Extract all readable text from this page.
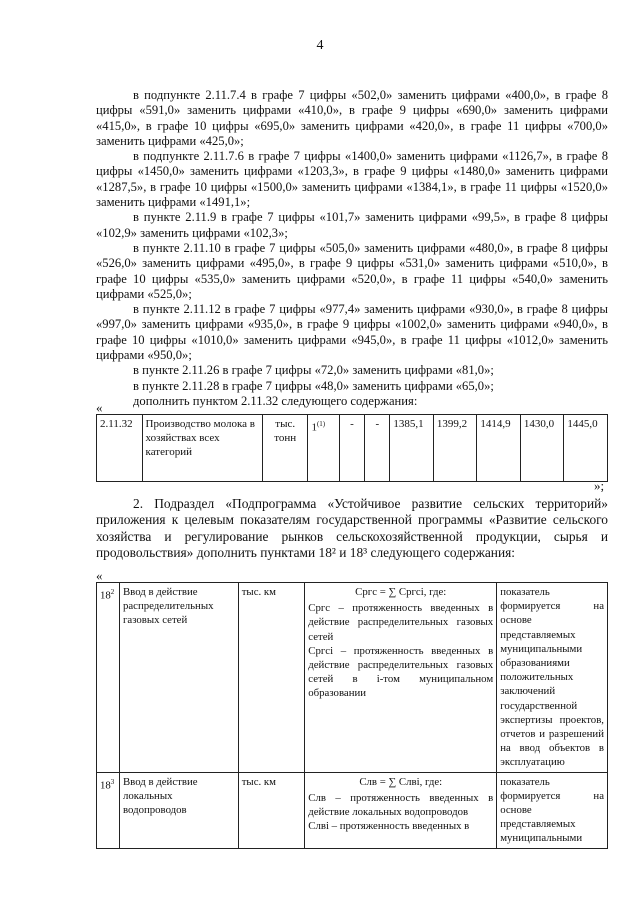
4

в подпункте 2.11.7.4 в графе 7 цифры «502,0» заменить цифрами «400,0», в графе 8 цифры «591,0» заменить цифрами «410,0», в графе 9 цифры «690,0» заменить цифрами «415,0», в графе 10 цифры «695,0» заменить цифрами «420,0», в графе 11 цифры «700,0» заменить цифрами «425,0»;

в подпункте 2.11.7.6 в графе 7 цифры «1400,0» заменить цифрами «1126,7», в графе 8 цифры «1450,0» заменить цифрами «1203,3», в графе 9 цифры «1480,0» заменить цифрами «1287,5», в графе 10 цифры «1500,0» заменить цифрами «1384,1», в графе 11 цифры «1520,0» заменить цифрами «1491,1»;

в пункте 2.11.9 в графе 7 цифры «101,7» заменить цифрами «99,5», в графе 8 цифры «102,9» заменить цифрами «102,3»;

в пункте 2.11.10 в графе 7 цифры «505,0» заменить цифрами «480,0», в графе 8 цифры «526,0» заменить цифрами «495,0», в графе 9 цифры «531,0» заменить цифрами «510,0», в графе 10 цифры «535,0» заменить цифрами «520,0», в графе 11 цифры «540,0» заменить цифрами «525,0»;

в пункте 2.11.12 в графе 7 цифры «977,4» заменить цифрами «930,0», в графе 8 цифры «997,0» заменить цифрами «935,0», в графе 9 цифры «1002,0» заменить цифрами «940,0», в графе 10 цифры «1010,0» заменить цифрами «945,0», в графе 11 цифры «1012,0» заменить цифрами «950,0»;

в пункте 2.11.26 в графе 7 цифры «72,0» заменить цифрами «81,0»;

в пункте 2.11.28 в графе 7 цифры «48,0» заменить цифрами «65,0»;

дополнить пунктом 2.11.32 следующего содержания:

«
2.11.32	Производство молока в хозяйствах всех категорий	тыс. тонн	1$^{(1)}$	-	-	1385,1	1399,2	1414,9	1430,0	1445,0
»;

2. Подраздел «Подпрограмма «Устойчивое развитие сельских территорий» приложения к целевым показателям государственной программы «Развитие сельского хозяйства и регулирование рынков сельскохозяйственной продукции, сырья и продовольствия» дополнить пунктами 18² и 18³ следующего содержания:

«
$18^2$	Ввод в действие распределительных газовых сетей	тыс. км	Сргс = ∑ Сргсi, где:
Сргс – протяженность введенных в действие распределительных газовых сетей
Сргсi – протяженность введенных в действие распределительных газовых сетей в i-том муниципальном образовании	показатель формируется на основе представляемых муниципальными образованиями положительных заключений государственной экспертизы проектов, отчетов и разрешений на ввод объектов в эксплуатацию
$18^3$	Ввод в действие локальных водопроводов	тыс. км	Слв = ∑ Слвi, где:
Слв – протяженность введенных в действие локальных водопроводов
Слвi – протяженность введенных в	показатель формируется на основе представляемых муниципальными
